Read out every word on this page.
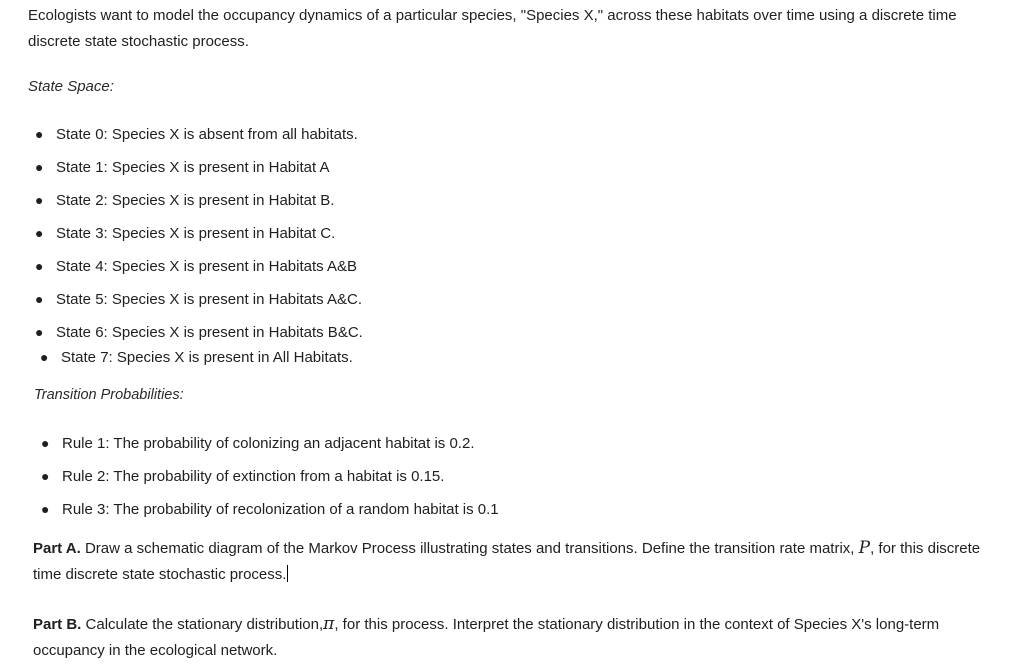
Ecologists want to model the occupancy dynamics of a particular species, "Species X," across these habitats over time using a discrete time discrete state stochastic process.

State Space:

● State 0: Species X is absent from all habitats.
● State 1: Species X is present in Habitat A
● State 2: Species X is present in Habitat B.
● State 3: Species X is present in Habitat C.
● State 4: Species X is present in Habitats A&B
● State 5: Species X is present in Habitats A&C.
● State 6: Species X is present in Habitats B&C.
● State 7: Species X is present in All Habitats.

Transition Probabilities:

● Rule 1: The probability of colonizing an adjacent habitat is 0.2.
● Rule 2: The probability of extinction from a habitat is 0.15.
● Rule 3: The probability of recolonization of a random habitat is 0.1

Part A. Draw a schematic diagram of the Markov Process illustrating states and transitions. Define the transition rate matrix, P, for this discrete time discrete state stochastic process.

Part B. Calculate the stationary distribution,π, for this process. Interpret the stationary distribution in the context of Species X's long-term occupancy in the ecological network.
